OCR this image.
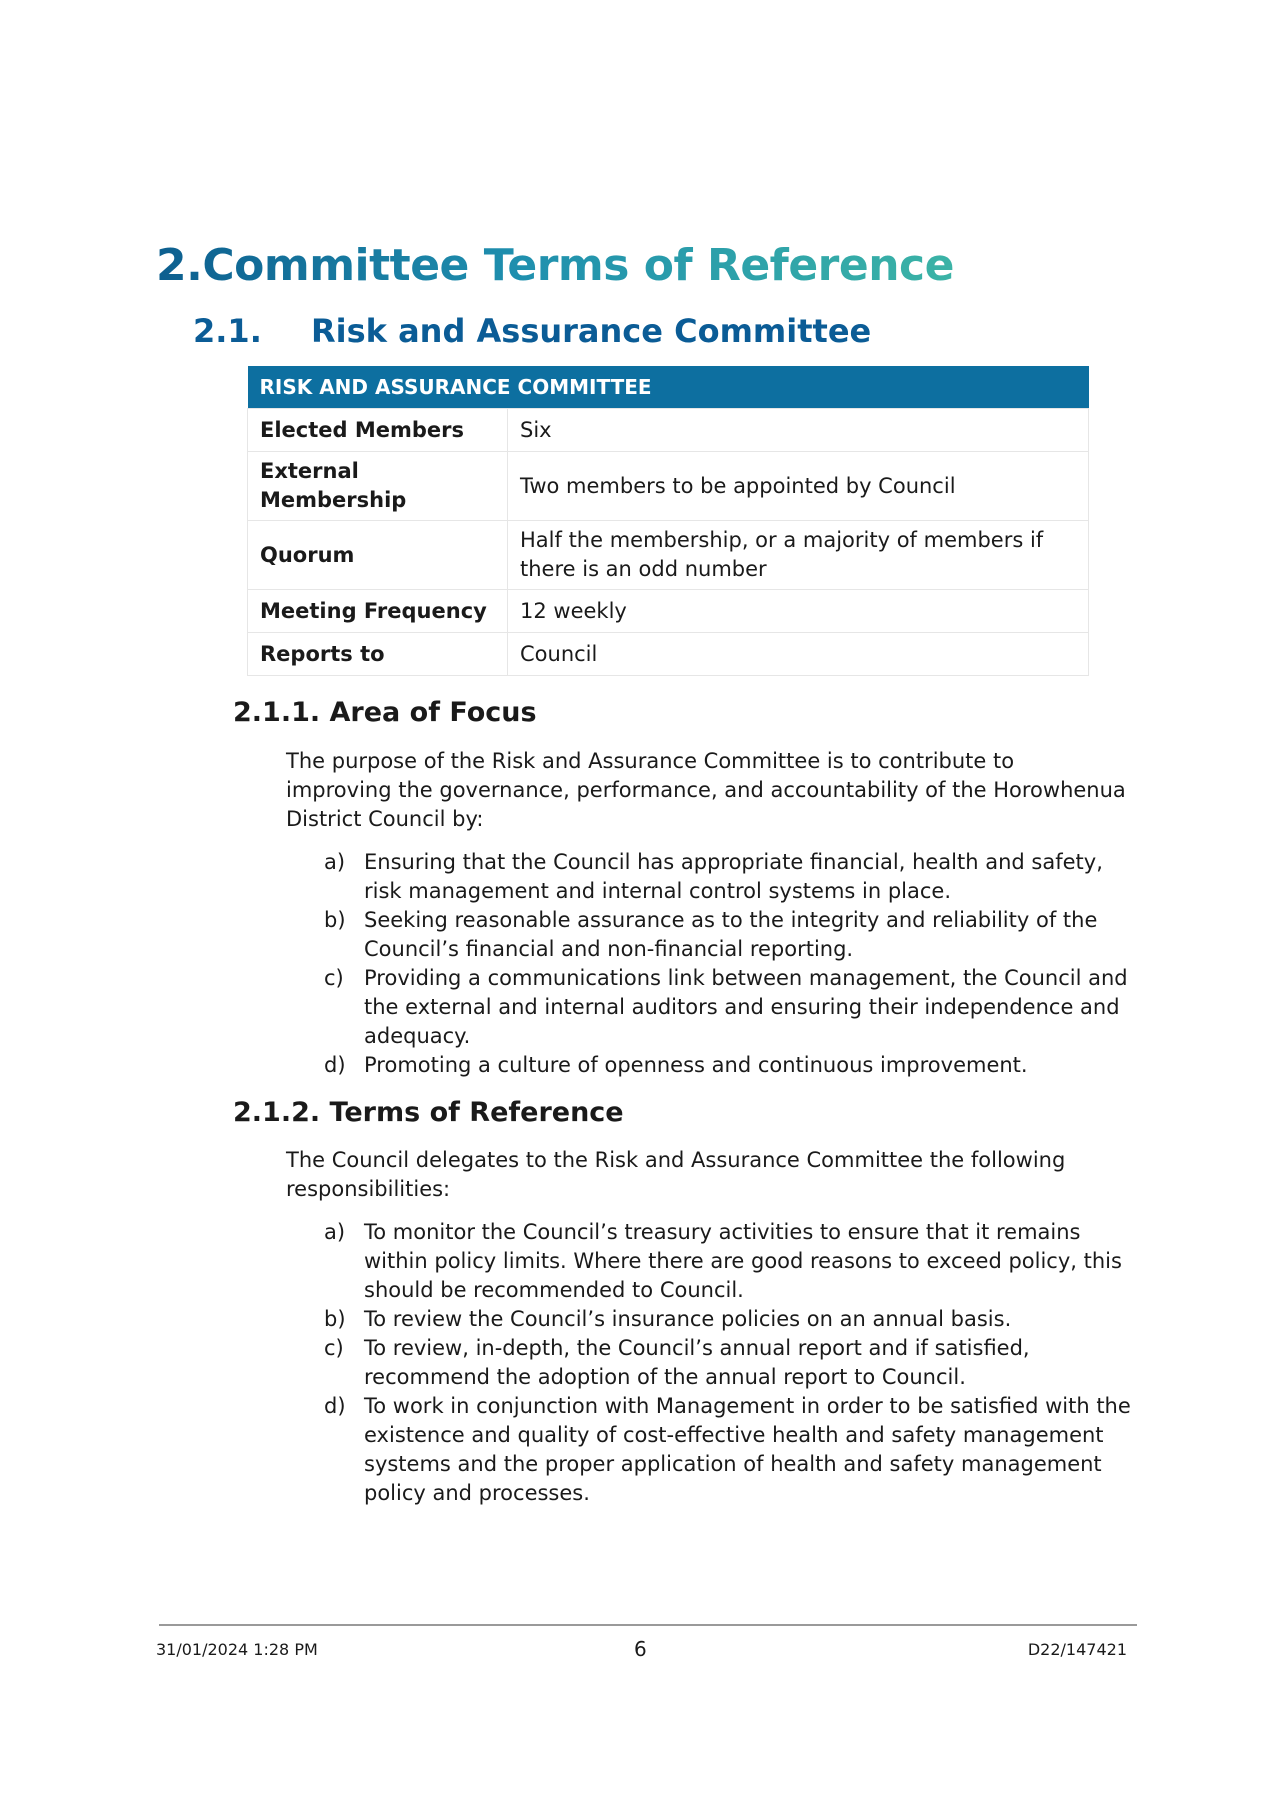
2.Committee Terms of Reference
2.1. Risk and Assurance Committee
RISK AND ASSURANCE COMMITTEE	
Elected Members	Six
External Membership	Two members to be appointed by Council
Quorum	Half the membership, or a majority of members if there is an odd number
Meeting Frequency	12 weekly
Reports to	Council
2.1.1. Area of Focus

The purpose of the Risk and Assurance Committee is to contribute to improving the governance, performance, and accountability of the Horowhenua District Council by:

a) Ensuring that the Council has appropriate financial, health and safety, risk management and internal control systems in place.
b) Seeking reasonable assurance as to the integrity and reliability of the Council’s financial and non-financial reporting.
c) Providing a communications link between management, the Council and the external and internal auditors and ensuring their independence and adequacy.
d) Promoting a culture of openness and continuous improvement.
2.1.2. Terms of Reference

The Council delegates to the Risk and Assurance Committee the following responsibilities:

a) To monitor the Council’s treasury activities to ensure that it remains within policy limits. Where there are good reasons to exceed policy, this should be recommended to Council.
b) To review the Council’s insurance policies on an annual basis.
c) To review, in-depth, the Council’s annual report and if satisfied, recommend the adoption of the annual report to Council.
d) To work in conjunction with Management in order to be satisfied with the existence and quality of cost-effective health and safety management systems and the proper application of health and safety management policy and processes.
31/01/2024 1:28 PM	6	D22/147421
